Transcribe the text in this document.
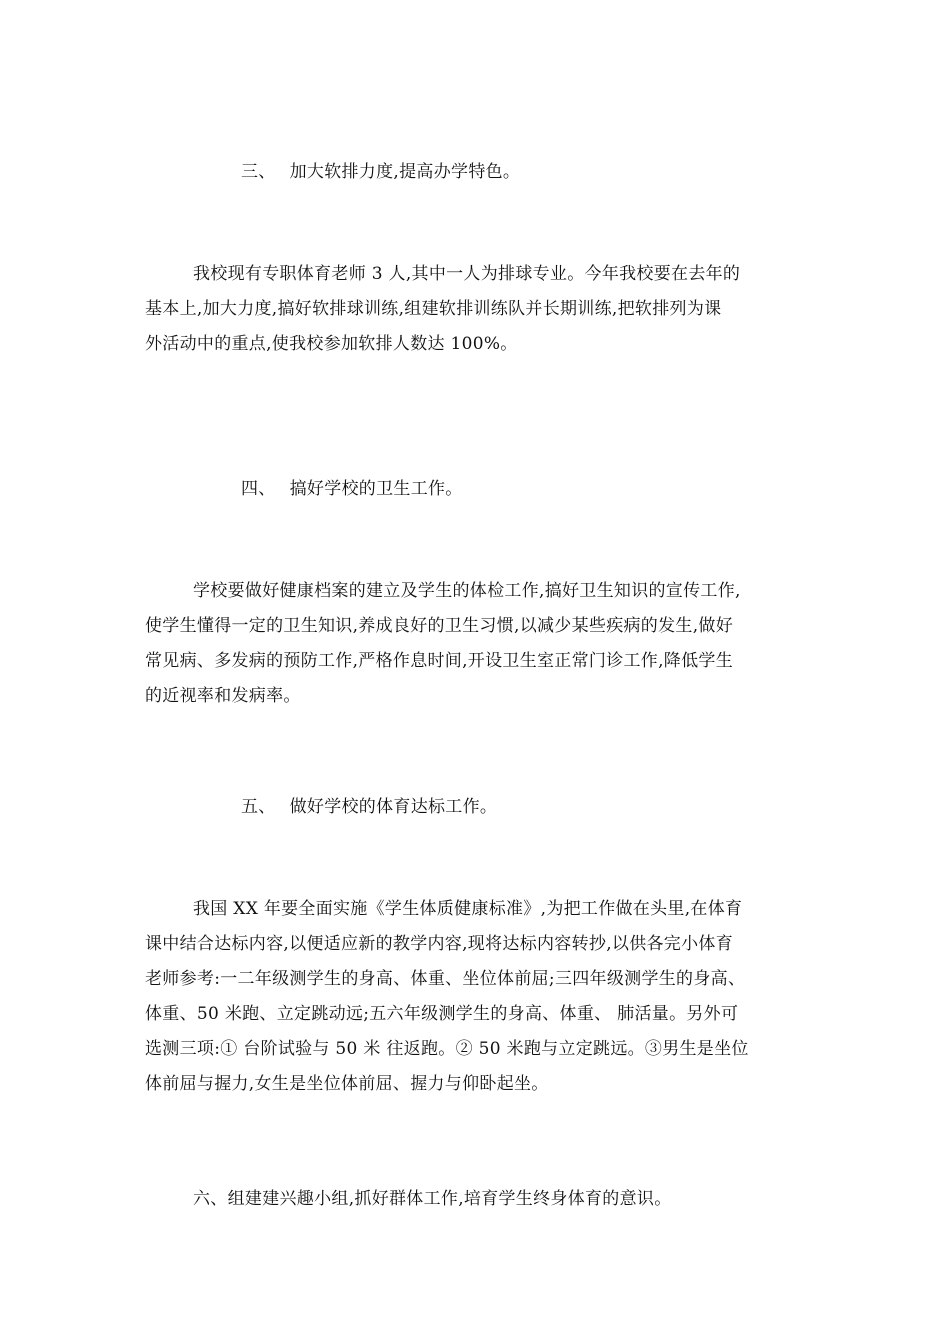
三、 加大软排力度,提高办学特色。
我校现有专职体育老师 3 人,其中一人为排球专业。今年我校要在去年的
基本上,加大力度,搞好软排球训练,组建软排训练队并长期训练,把软排列为课
外活动中的重点,使我校参加软排人数达 100%。
四、 搞好学校的卫生工作。
学校要做好健康档案的建立及学生的体检工作,搞好卫生知识的宣传工作,
使学生懂得一定的卫生知识,养成良好的卫生习惯,以减少某些疾病的发生,做好
常见病、多发病的预防工作,严格作息时间,开设卫生室正常门诊工作,降低学生
的近视率和发病率。
五、 做好学校的体育达标工作。
我国 XX 年要全面实施《学生体质健康标准》,为把工作做在头里,在体育
课中结合达标内容,以便适应新的教学内容,现将达标内容转抄,以供各完小体育
老师参考:一二年级测学生的身高、体重、坐位体前屈;三四年级测学生的身高、
体重、50 米跑、立定跳动远;五六年级测学生的身高、体重、 肺活量。另外可
选测三项:① 台阶试验与 50 米 往返跑。② 50 米跑与立定跳远。③男生是坐位
体前屈与握力,女生是坐位体前屈、握力与仰卧起坐。
六、组建建兴趣小组,抓好群体工作,培育学生终身体育的意识。
